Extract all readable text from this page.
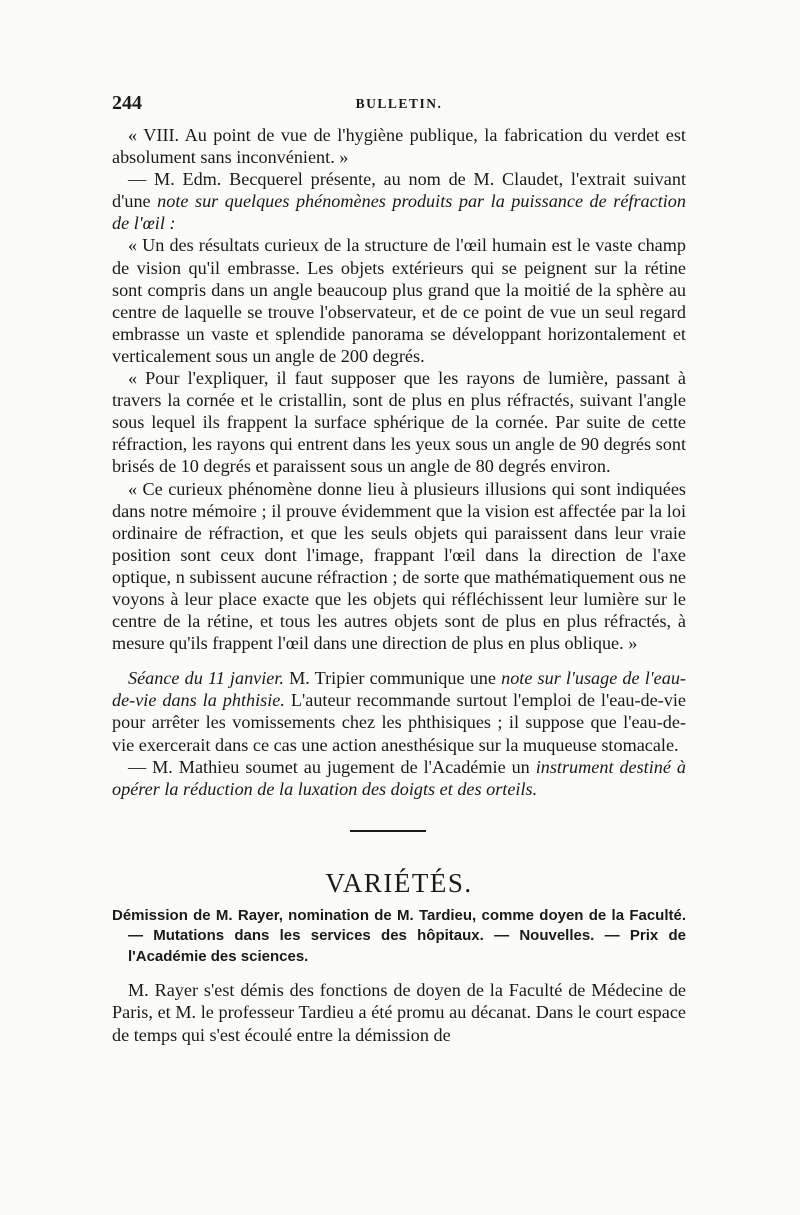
244	BULLETIN.

« VIII. Au point de vue de l'hygiène publique, la fabrication du verdet est absolument sans inconvénient. »

— M. Edm. Becquerel présente, au nom de M. Claudet, l'extrait suivant d'une note sur quelques phénomènes produits par la puissance de réfraction de l'œil :

« Un des résultats curieux de la structure de l'œil humain est le vaste champ de vision qu'il embrasse. Les objets extérieurs qui se peignent sur la rétine sont compris dans un angle beaucoup plus grand que la moitié de la sphère au centre de laquelle se trouve l'observateur, et de ce point de vue un seul regard embrasse un vaste et splendide panorama se développant horizontalement et verticalement sous un angle de 200 degrés.

« Pour l'expliquer, il faut supposer que les rayons de lumière, passant à travers la cornée et le cristallin, sont de plus en plus réfractés, suivant l'angle sous lequel ils frappent la surface sphérique de la cornée. Par suite de cette réfraction, les rayons qui entrent dans les yeux sous un angle de 90 degrés sont brisés de 10 degrés et paraissent sous un angle de 80 degrés environ.

« Ce curieux phénomène donne lieu à plusieurs illusions qui sont indiquées dans notre mémoire ; il prouve évidemment que la vision est affectée par la loi ordinaire de réfraction, et que les seuls objets qui paraissent dans leur vraie position sont ceux dont l'image, frappant l'œil dans la direction de l'axe optique, n subissent aucune réfraction ; de sorte que mathématiquement ous ne voyons à leur place exacte que les objets qui réfléchissent leur lumière sur le centre de la rétine, et tous les autres objets sont de plus en plus réfractés, à mesure qu'ils frappent l'œil dans une direction de plus en plus oblique. »

Séance du 11 janvier. M. Tripier communique une note sur l'usage de l'eau-de-vie dans la phthisie. L'auteur recommande surtout l'emploi de l'eau-de-vie pour arrêter les vomissements chez les phthisiques ; il suppose que l'eau-de-vie exercerait dans ce cas une action anesthésique sur la muqueuse stomacale.

— M. Mathieu soumet au jugement de l'Académie un instrument destiné à opérer la réduction de la luxation des doigts et des orteils.

VARIÉTÉS.

Démission de M. Rayer, nomination de M. Tardieu, comme doyen de la Faculté. — Mutations dans les services des hôpitaux. — Nouvelles. — Prix de l'Académie des sciences.

M. Rayer s'est démis des fonctions de doyen de la Faculté de Médecine de Paris, et M. le professeur Tardieu a été promu au décanat. Dans le court espace de temps qui s'est écoulé entre la démission de
